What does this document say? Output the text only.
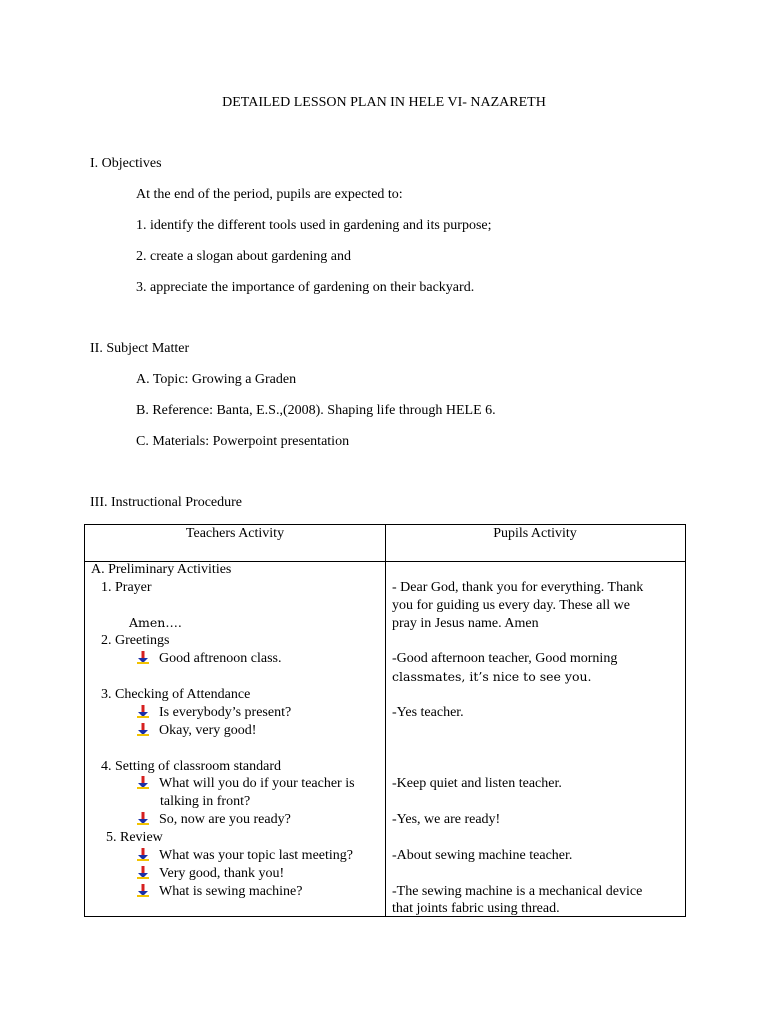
DETAILED LESSON PLAN IN HELE VI- NAZARETH
I. Objectives
At the end of the period, pupils are expected to:
1. identify the different tools used in gardening and its purpose;
2. create a slogan about gardening and
3. appreciate the importance of gardening on their backyard.
II. Subject Matter
A. Topic: Growing a Graden
B. Reference: Banta, E.S.,(2008). Shaping life through HELE 6.
C. Materials: Powerpoint presentation
III. Instructional Procedure
Teachers Activity	Pupils Activity
A. Preliminary Activities
1. Prayer
Amen….
2. Greetings
Good aftrenoon class.
3. Checking of Attendance
Is everybody’s present?
Okay, very good!
4. Setting of classroom standard
What will you do if your teacher is
talking in front?
So, now are you ready?
5. Review
What was your topic last meeting?
Very good, thank you!
What is sewing machine?
- Dear God, thank you for everything. Thank
you for guiding us every day. These all we
pray in Jesus name. Amen
-Good afternoon teacher, Good morning
classmates, it’s nice to see you.
-Yes teacher.
-Keep quiet and listen teacher.
-Yes, we are ready!
-About sewing machine teacher.
-The sewing machine is a mechanical device
that joints fabric using thread.
